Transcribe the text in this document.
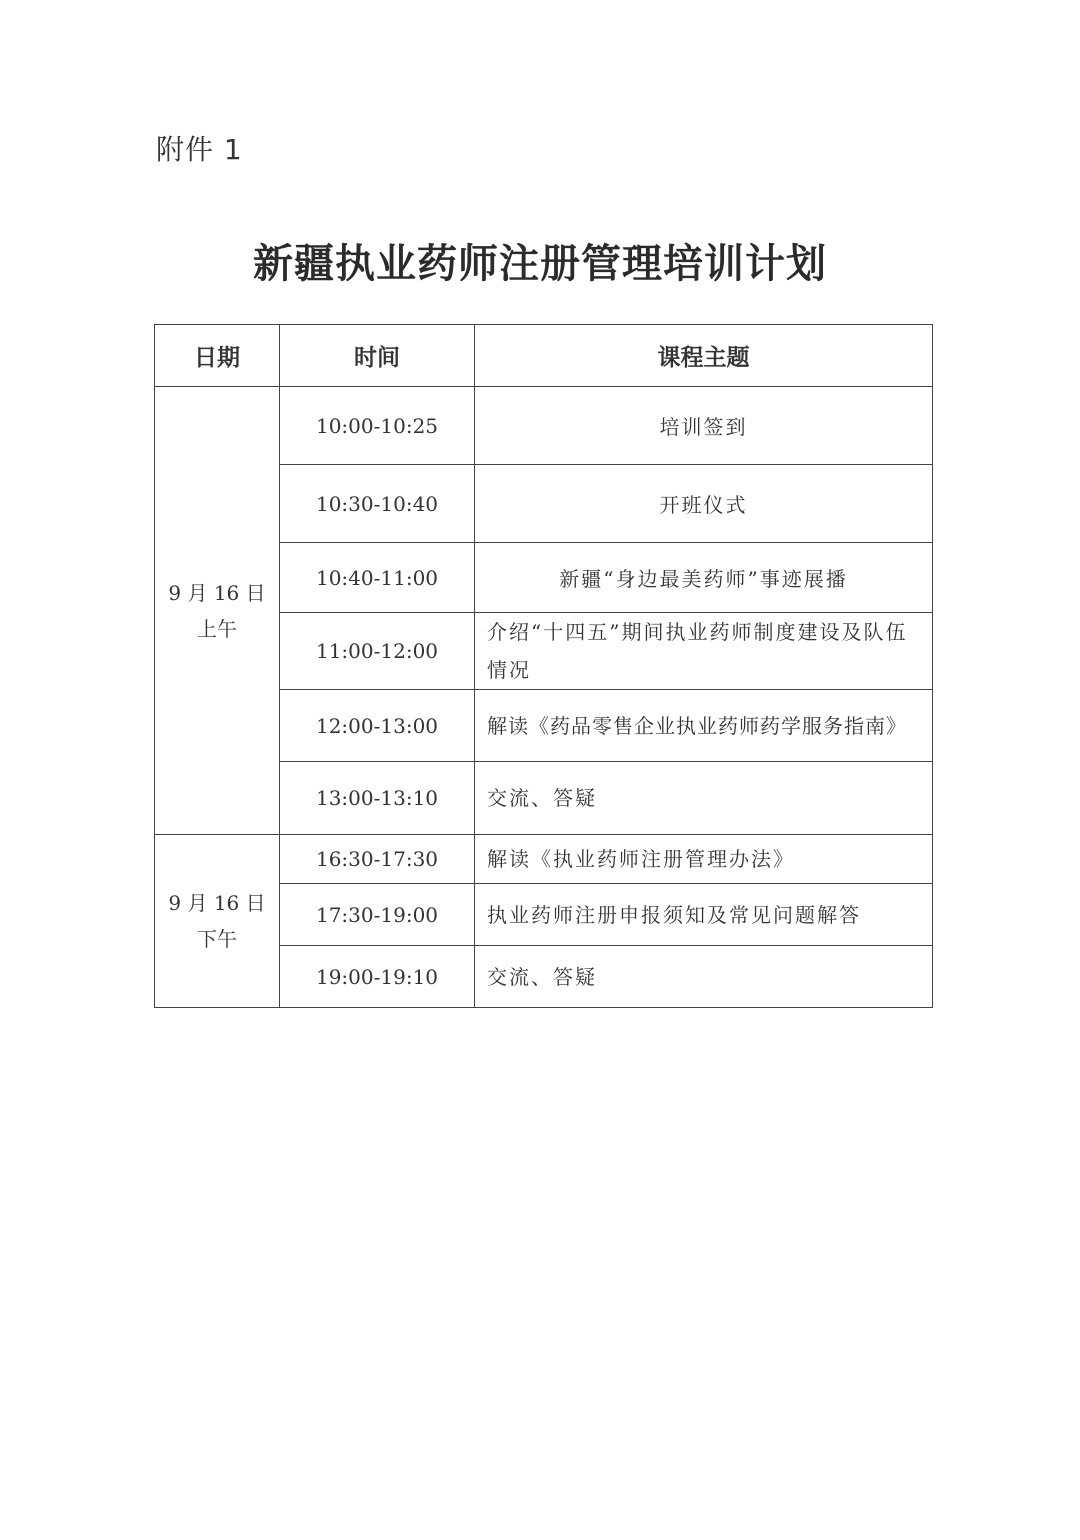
附件 1
新疆执业药师注册管理培训计划
日期	时间	课程主题

9 月 16 日
上午	10:00-10:25	培训签到
	10:30-10:40	开班仪式
	10:40-11:00	新疆“身边最美药师”事迹展播
	11:00-12:00	介绍“十四五”期间执业药师制度建设及队伍情况
	12:00-13:00	解读《药品零售企业执业药师药学服务指南》
	13:00-13:10	交流、答疑

9 月 16 日
下午	16:30-17:30	解读《执业药师注册管理办法》
	17:30-19:00	执业药师注册申报须知及常见问题解答
	19:00-19:10	交流、答疑
